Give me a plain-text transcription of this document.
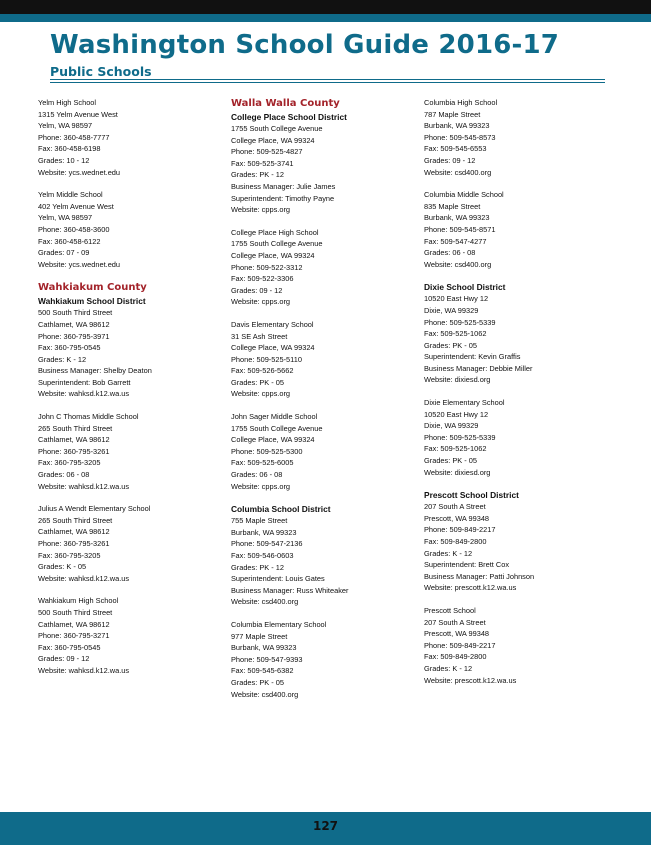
Washington School Guide 2016-17
Public Schools
Yelm High School
1315 Yelm Avenue West
Yelm, WA 98597
Phone: 360-458-7777
Fax: 360-458-6198
Grades: 10 - 12
Website: ycs.wednet.edu
Yelm Middle School
402 Yelm Avenue West
Yelm, WA 98597
Phone: 360-458-3600
Fax: 360-458-6122
Grades: 07 - 09
Website: ycs.wednet.edu
Wahkiakum County
Wahkiakum School District
500 South Third Street
Cathlamet, WA 98612
Phone: 360-795-3971
Fax: 360-795-0545
Grades: K - 12
Business Manager: Shelby Deaton
Superintendent: Bob Garrett
Website: wahksd.k12.wa.us
John C Thomas Middle School
265 South Third Street
Cathlamet, WA 98612
Phone: 360-795-3261
Fax: 360-795-3205
Grades: 06 - 08
Website: wahksd.k12.wa.us
Julius A Wendt Elementary School
265 South Third Street
Cathlamet, WA 98612
Phone: 360-795-3261
Fax: 360-795-3205
Grades: K - 05
Website: wahksd.k12.wa.us
Wahkiakum High School
500 South Third Street
Cathlamet, WA 98612
Phone: 360-795-3271
Fax: 360-795-0545
Grades: 09 - 12
Website: wahksd.k12.wa.us
Walla Walla County
College Place School District
1755 South College Avenue
College Place, WA 99324
Phone: 509-525-4827
Fax: 509-525-3741
Grades: PK - 12
Business Manager: Julie James
Superintendent: Timothy Payne
Website: cpps.org
College Place High School
1755 South College Avenue
College Place, WA 99324
Phone: 509-522-3312
Fax: 509-522-3306
Grades: 09 - 12
Website: cpps.org
Davis Elementary School
31 SE Ash Street
College Place, WA 99324
Phone: 509-525-5110
Fax: 509-526-5662
Grades: PK - 05
Website: cpps.org
John Sager Middle School
1755 South College Avenue
College Place, WA 99324
Phone: 509-525-5300
Fax: 509-525-6005
Grades: 06 - 08
Website: cpps.org
Columbia School District
755 Maple Street
Burbank, WA 99323
Phone: 509-547-2136
Fax: 509-546-0603
Grades: PK - 12
Superintendent: Louis Gates
Business Manager: Russ Whiteaker
Website: csd400.org
Columbia Elementary School
977 Maple Street
Burbank, WA 99323
Phone: 509-547-9393
Fax: 509-545-6382
Grades: PK - 05
Website: csd400.org
Columbia High School
787 Maple Street
Burbank, WA 99323
Phone: 509-545-8573
Fax: 509-545-6553
Grades: 09 - 12
Website: csd400.org
Columbia Middle School
835 Maple Street
Burbank, WA 99323
Phone: 509-545-8571
Fax: 509-547-4277
Grades: 06 - 08
Website: csd400.org
Dixie School District
10520 East Hwy 12
Dixie, WA 99329
Phone: 509-525-5339
Fax: 509-525-1062
Grades: PK - 05
Superintendent: Kevin Graffis
Business Manager: Debbie Miller
Website: dixiesd.org
Dixie Elementary School
10520 East Hwy 12
Dixie, WA 99329
Phone: 509-525-5339
Fax: 509-525-1062
Grades: PK - 05
Website: dixiesd.org
Prescott School District
207 South A Street
Prescott, WA 99348
Phone: 509-849-2217
Fax: 509-849-2800
Grades: K - 12
Superintendent: Brett Cox
Business Manager: Patti Johnson
Website: prescott.k12.wa.us
Prescott School
207 South A Street
Prescott, WA 99348
Phone: 509-849-2217
Fax: 509-849-2800
Grades: K - 12
Website: prescott.k12.wa.us
127
